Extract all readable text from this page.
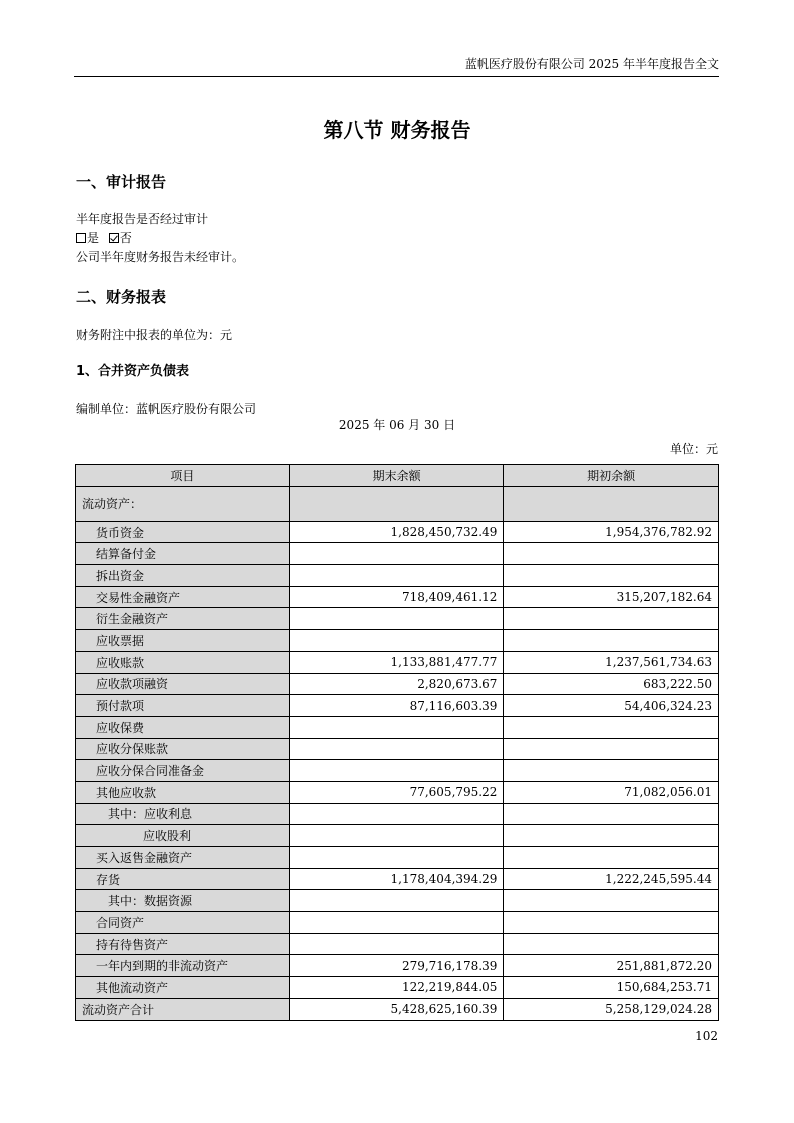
蓝帆医疗股份有限公司 2025 年半年度报告全文
第八节 财务报告
一、审计报告
半年度报告是否经过审计
是 否
公司半年度财务报告未经审计。
二、财务报表
财务附注中报表的单位为：元
1、合并资产负债表
编制单位：蓝帆医疗股份有限公司
2025 年 06 月 30 日
单位：元
项目	期末余额	期初余额
流动资产：		
货币资金	1,828,450,732.49	1,954,376,782.92
结算备付金		
拆出资金		
交易性金融资产	718,409,461.12	315,207,182.64
衍生金融资产		
应收票据		
应收账款	1,133,881,477.77	1,237,561,734.63
应收款项融资	2,820,673.67	683,222.50
预付款项	87,116,603.39	54,406,324.23
应收保费		
应收分保账款		
应收分保合同准备金		
其他应收款	77,605,795.22	71,082,056.01
其中：应收利息		
应收股利		
买入返售金融资产		
存货	1,178,404,394.29	1,222,245,595.44
其中：数据资源		
合同资产		
持有待售资产		
一年内到期的非流动资产	279,716,178.39	251,881,872.20
其他流动资产	122,219,844.05	150,684,253.71
流动资产合计	5,428,625,160.39	5,258,129,024.28
102
